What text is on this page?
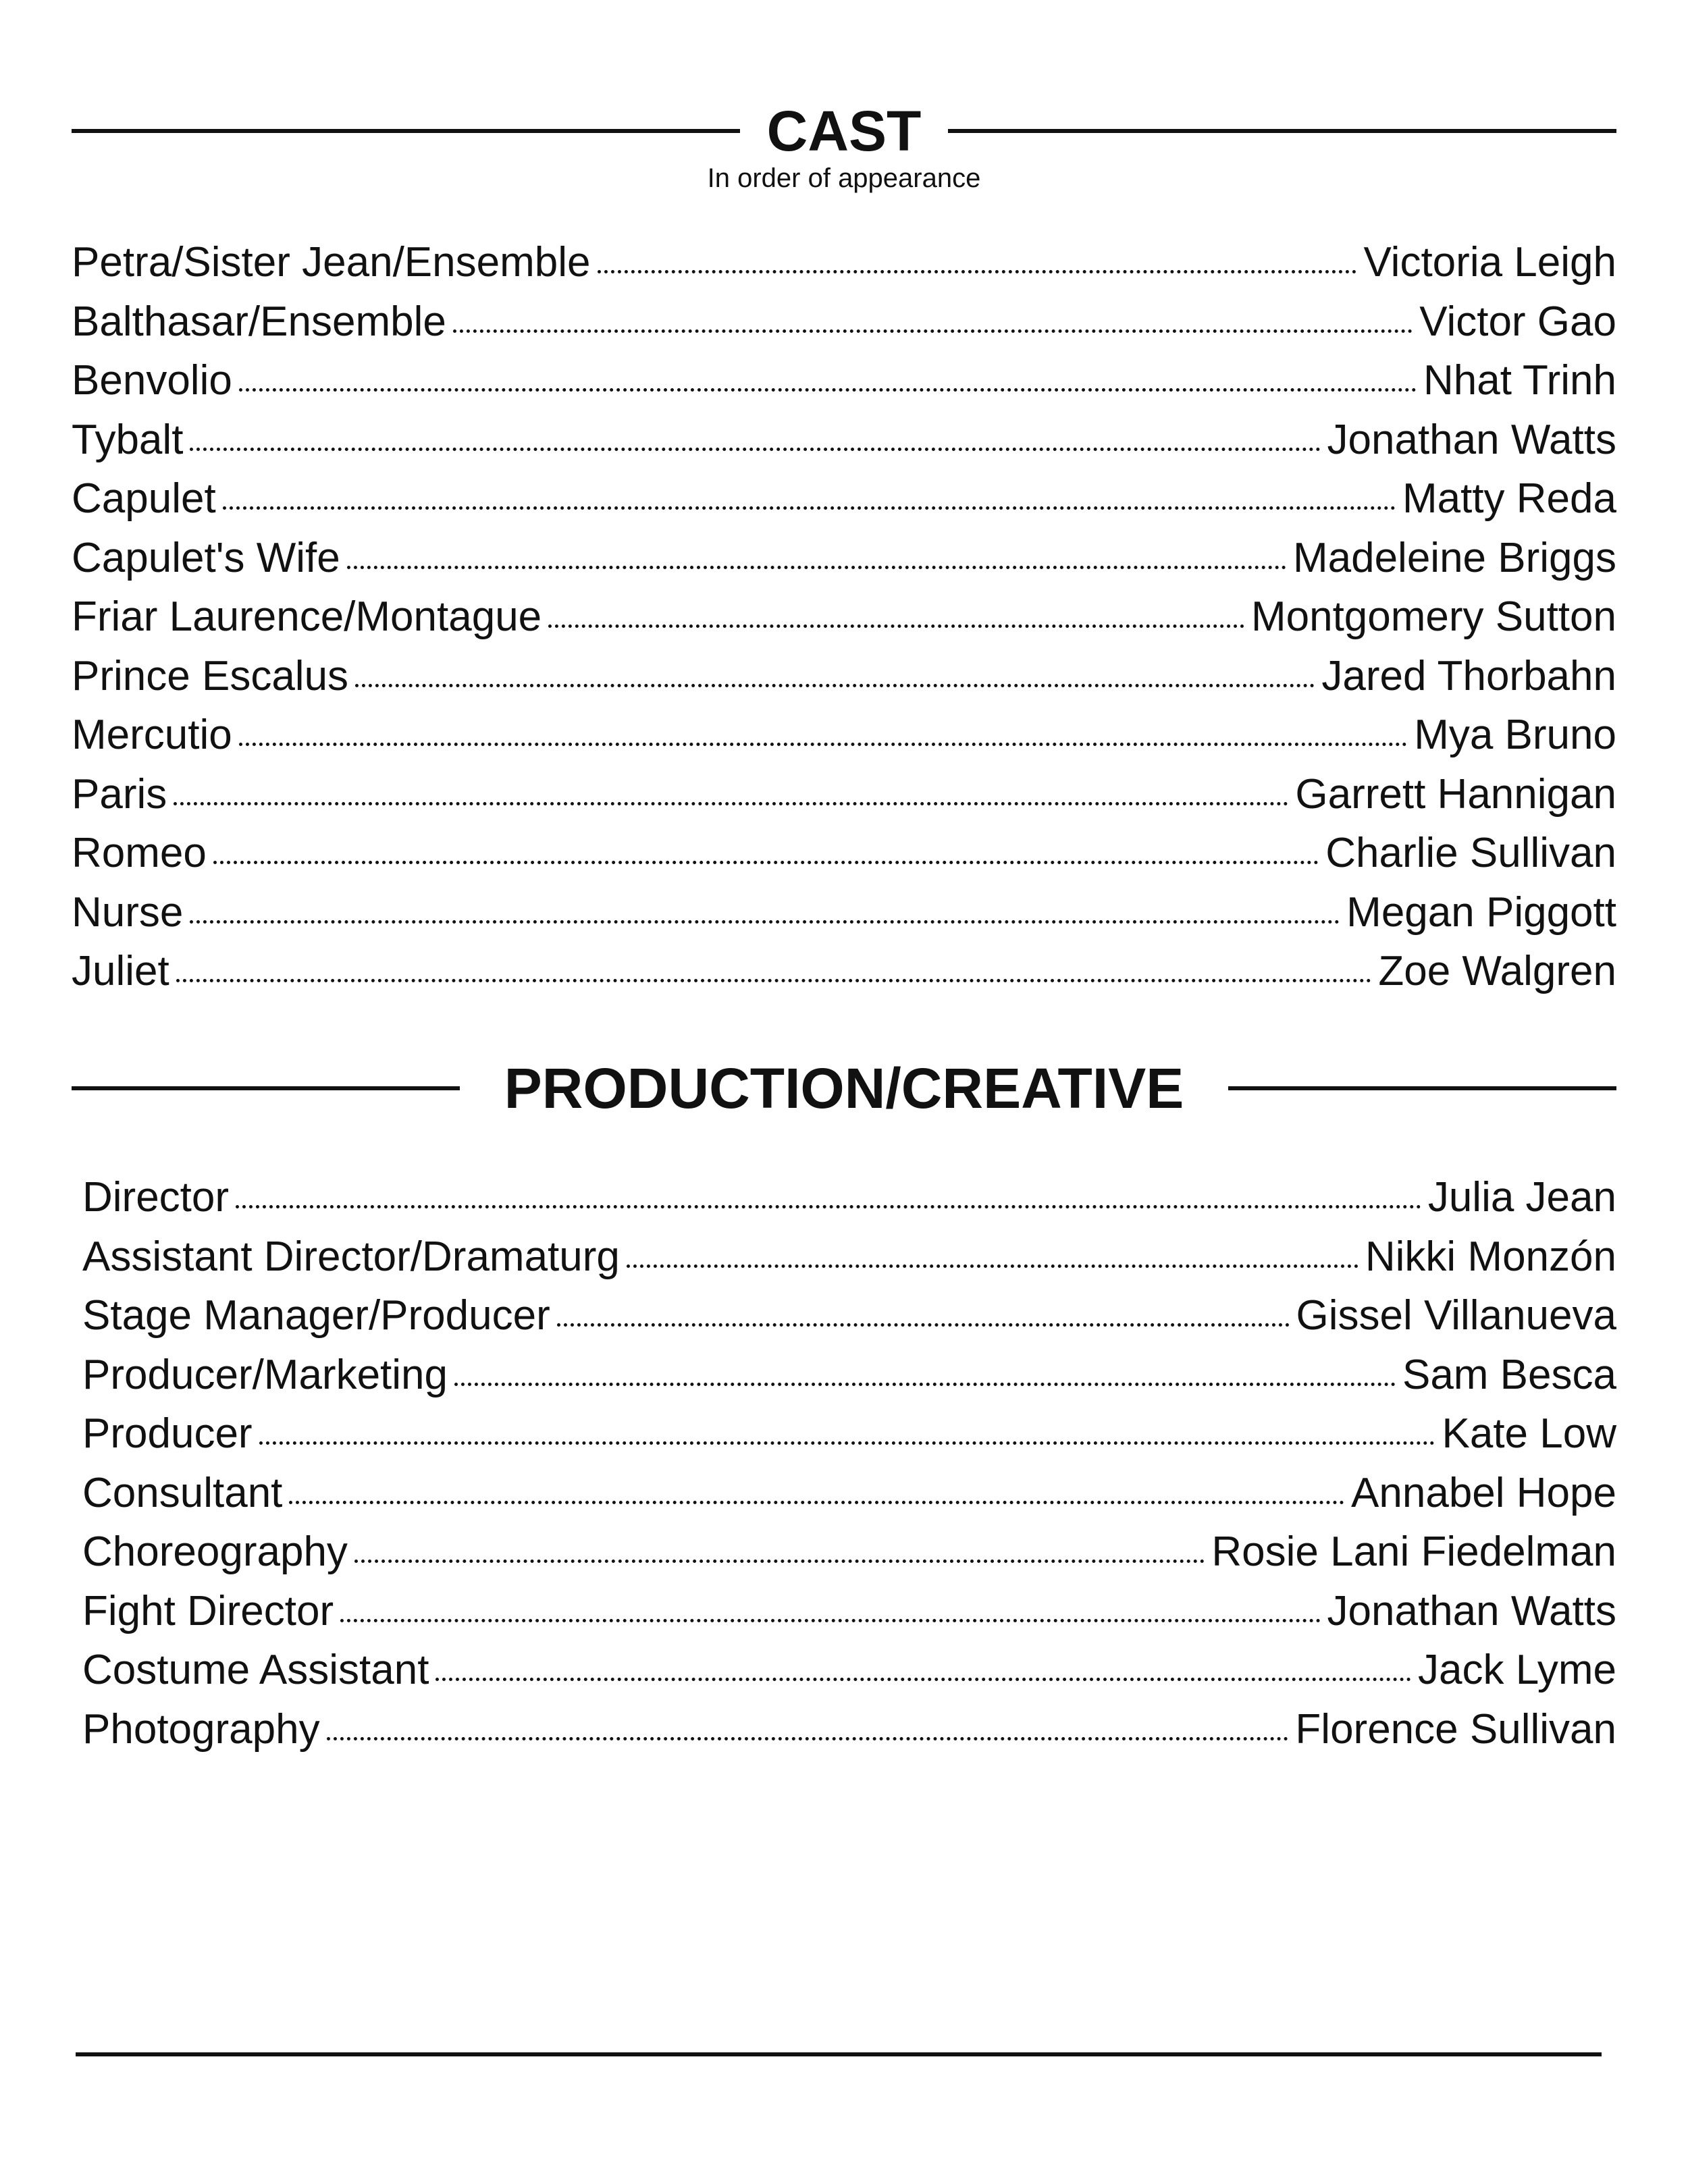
CAST
In order of appearance
Petra/Sister Jean/Ensemble	Victoria Leigh
Balthasar/Ensemble	Victor Gao
Benvolio	Nhat Trinh
Tybalt	Jonathan Watts
Capulet	Matty Reda
Capulet's Wife	Madeleine Briggs
Friar Laurence/Montague	Montgomery Sutton
Prince Escalus	Jared Thorbahn
Mercutio	Mya Bruno
Paris	Garrett Hannigan
Romeo	Charlie Sullivan
Nurse	Megan Piggott
Juliet	Zoe Walgren
PRODUCTION/CREATIVE
Director	Julia Jean
Assistant Director/Dramaturg	Nikki Monzón
Stage Manager/Producer	Gissel Villanueva
Producer/Marketing	Sam Besca
Producer	Kate Low
Consultant	Annabel Hope
Choreography	Rosie Lani Fiedelman
Fight Director	Jonathan Watts
Costume Assistant	Jack Lyme
Photography	Florence Sullivan
